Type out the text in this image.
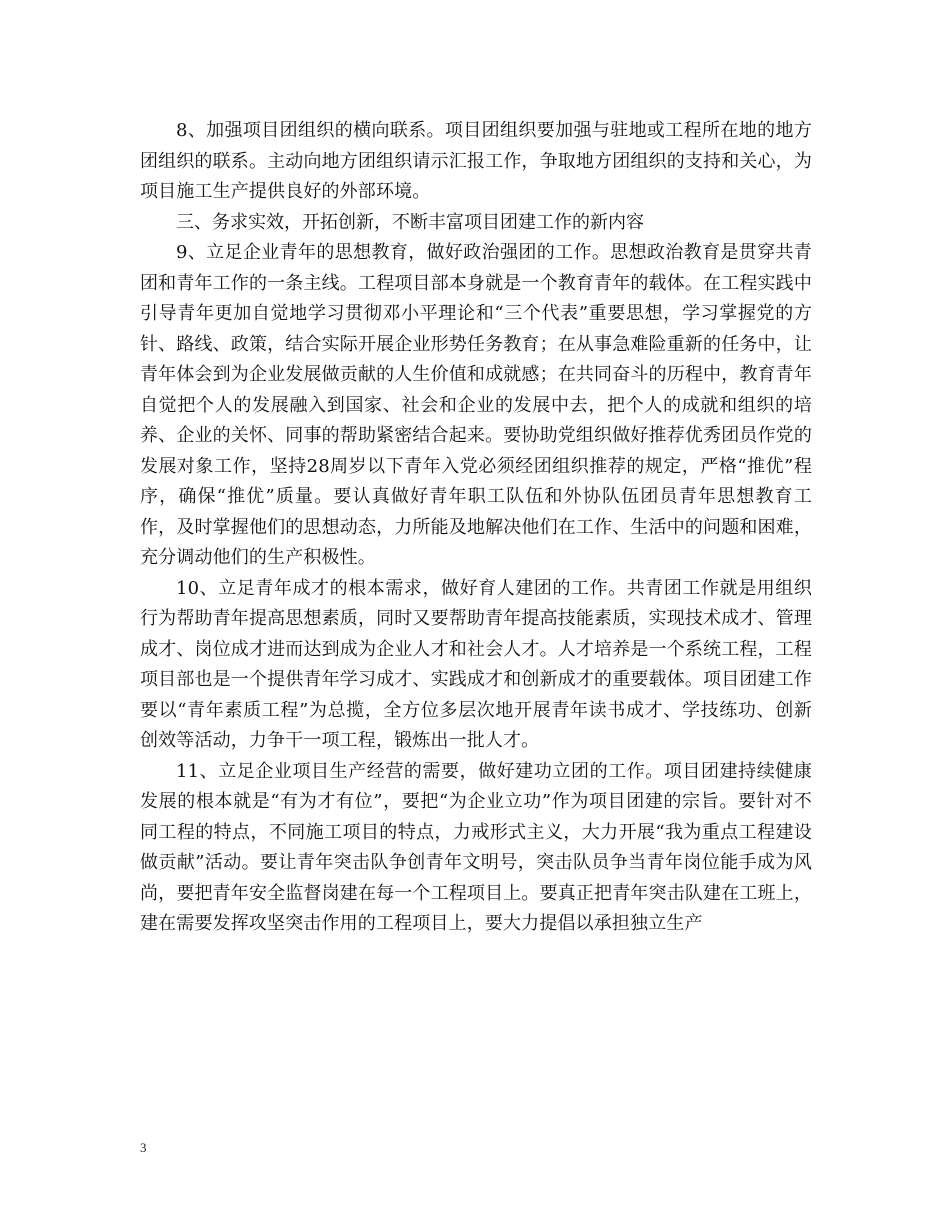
8、加强项目团组织的横向联系。项目团组织要加强与驻地或工程所在地的地方团组织的联系。主动向地方团组织请示汇报工作，争取地方团组织的支持和关心，为项目施工生产提供良好的外部环境。

三、务求实效，开拓创新，不断丰富项目团建工作的新内容

9、立足企业青年的思想教育，做好政治强团的工作。思想政治教育是贯穿共青团和青年工作的一条主线。工程项目部本身就是一个教育青年的载体。在工程实践中引导青年更加自觉地学习贯彻邓小平理论和“三个代表”重要思想，学习掌握党的方针、路线、政策，结合实际开展企业形势任务教育；在从事急难险重新的任务中，让青年体会到为企业发展做贡献的人生价值和成就感；在共同奋斗的历程中，教育青年自觉把个人的发展融入到国家、社会和企业的发展中去，把个人的成就和组织的培养、企业的关怀、同事的帮助紧密结合起来。要协助党组织做好推荐优秀团员作党的发展对象工作，坚持28周岁以下青年入党必须经团组织推荐的规定，严格“推优”程序，确保“推优”质量。要认真做好青年职工队伍和外协队伍团员青年思想教育工作，及时掌握他们的思想动态，力所能及地解决他们在工作、生活中的问题和困难，充分调动他们的生产积极性。

10、立足青年成才的根本需求，做好育人建团的工作。共青团工作就是用组织行为帮助青年提高思想素质，同时又要帮助青年提高技能素质，实现技术成才、管理成才、岗位成才进而达到成为企业人才和社会人才。人才培养是一个系统工程，工程项目部也是一个提供青年学习成才、实践成才和创新成才的重要载体。项目团建工作要以“青年素质工程”为总揽，全方位多层次地开展青年读书成才、学技练功、创新创效等活动，力争干一项工程，锻炼出一批人才。

11、立足企业项目生产经营的需要，做好建功立团的工作。项目团建持续健康发展的根本就是“有为才有位”，要把“为企业立功”作为项目团建的宗旨。要针对不同工程的特点，不同施工项目的特点，力戒形式主义，大力开展“我为重点工程建设做贡献”活动。要让青年突击队争创青年文明号，突击队员争当青年岗位能手成为风尚，要把青年安全监督岗建在每一个工程项目上。要真正把青年突击队建在工班上，建在需要发挥攻坚突击作用的工程项目上，要大力提倡以承担独立生产

3
